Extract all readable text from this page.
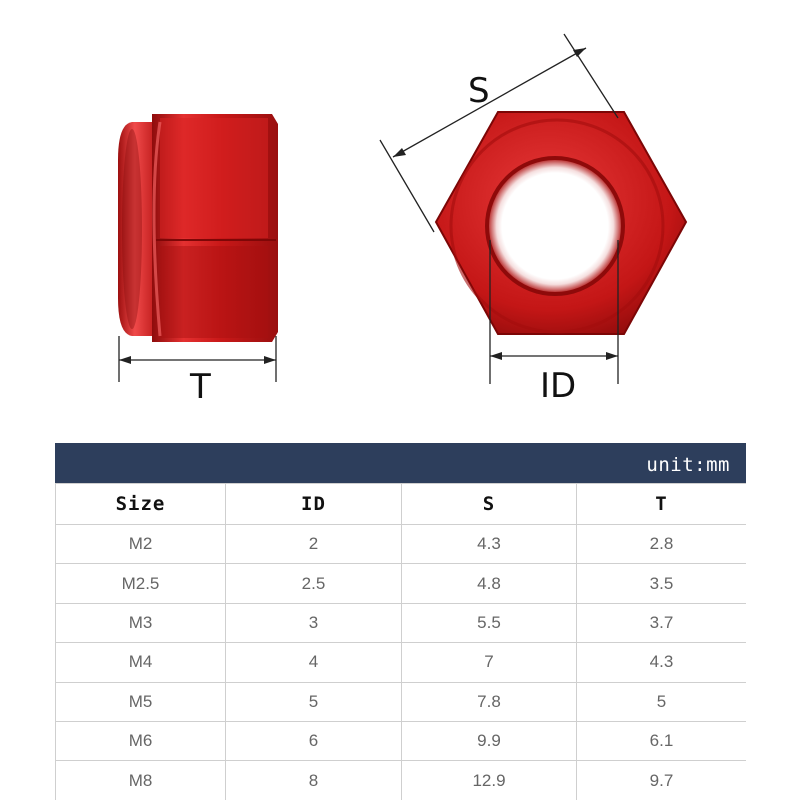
T
S
ID
unit:mm
Size	ID	S	T
M2	2	4.3	2.8
M2.5	2.5	4.8	3.5
M3	3	5.5	3.7
M4	4	7	4.3
M5	5	7.8	5
M6	6	9.9	6.1
M8	8	12.9	9.7
